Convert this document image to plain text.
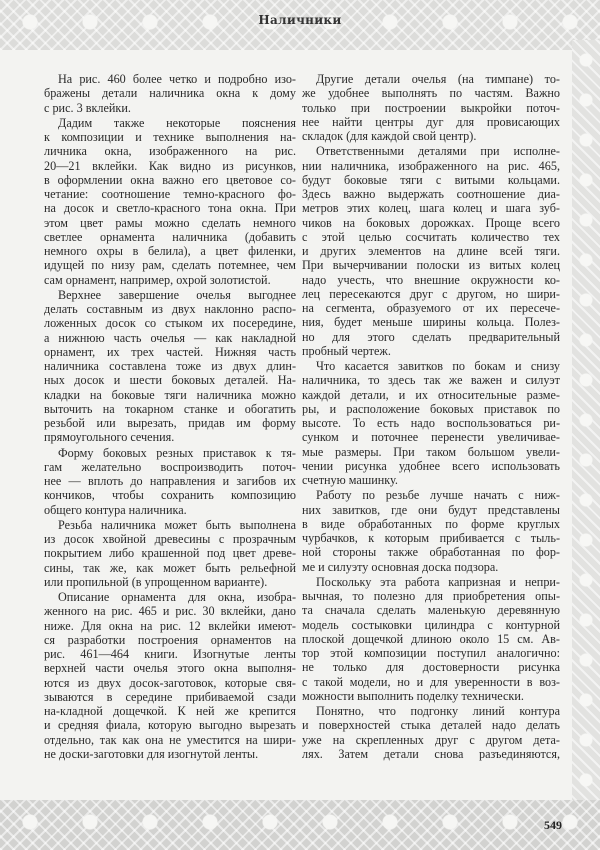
Наличники
На рис. 460 более четко и подробно изо-
бражены детали наличника окна к дому
с рис. 3 вклейки.
Дадим также некоторые пояснения
к композиции и технике выполнения на-
личника окна, изображенного на рис.
20—21 вклейки. Как видно из рисунков,
в оформлении окна важно его цветовое со-
четание: соотношение темно-красного фо-
на досок и светло-красного тона окна. При
этом цвет рамы можно сделать немного
светлее орнамента наличника (добавить
немного охры в белила), а цвет филенки,
идущей по низу рам, сделать потемнее, чем
сам орнамент, например, охрой золотистой.
Верхнее завершение очелья выгоднее
делать составным из двух наклонно распо-
ложенных досок со стыком их посередине,
а нижнюю часть очелья — как накладной
орнамент, их трех частей. Нижняя часть
наличника составлена тоже из двух длин-
ных досок и шести боковых деталей. На-
кладки на боковые тяги наличника можно
выточить на токарном станке и обогатить
резьбой или вырезать, придав им форму
прямоугольного сечения.
Форму боковых резных приставок к тя-
гам желательно воспроизводить поточ-
нее — вплоть до направления и загибов их
кончиков, чтобы сохранить композицию
общего контура наличника.
Резьба наличника может быть выполнена
из досок хвойной древесины с прозрачным
покрытием либо крашенной под цвет древе-
сины, так же, как может быть рельефной
или пропильной (в упрощенном варианте).
Описание орнамента для окна, изобра-
женного на рис. 465 и рис. 30 вклейки, дано
ниже. Для окна на рис. 12 вклейки имеют-
ся разработки построения орнаментов на
рис. 461—464 книги. Изогнутые ленты
верхней части очелья этого окна выполня-
ются из двух досок-заготовок, которые свя-
зываются в середине прибиваемой сзади
на-кладной дощечкой. К ней же крепится
и средняя фиала, которую выгодно вырезать
отдельно, так как она не уместится на шири-
не доски-заготовки для изогнутой ленты.
Другие детали очелья (на тимпане) то-
же удобнее выполнять по частям. Важно
только при построении выкройки поточ-
нее найти центры дуг для провисающих
складок (для каждой свой центр).
Ответственными деталями при исполне-
нии наличника, изображенного на рис. 465,
будут боковые тяги с витыми кольцами.
Здесь важно выдержать соотношение диа-
метров этих колец, шага колец и шага зуб-
чиков на боковых дорожках. Проще всего
с этой целью сосчитать количество тех
и других элементов на длине всей тяги.
При вычерчивании полоски из витых колец
надо учесть, что внешние окружности ко-
лец пересекаются друг с другом, но шири-
на сегмента, образуемого от их пересече-
ния, будет меньше ширины кольца. Полез-
но для этого сделать предварительный
пробный чертеж.
Что касается завитков по бокам и снизу
наличника, то здесь так же важен и силуэт
каждой детали, и их относительные разме-
ры, и расположение боковых приставок по
высоте. То есть надо воспользоваться ри-
сунком и поточнее перенести увеличивае-
мые размеры. При таком большом увели-
чении рисунка удобнее всего использовать
счетную машинку.
Работу по резьбе лучше начать с ниж-
них завитков, где они будут представлены
в виде обработанных по форме круглых
чурбачков, к которым прибивается с тыль-
ной стороны также обработанная по фор-
ме и силуэту основная доска подзора.
Поскольку эта работа капризная и непри-
вычная, то полезно для приобретения опы-
та сначала сделать маленькую деревянную
модель состыковки цилиндра с контурной
плоской дощечкой длиною около 15 см. Ав-
тор этой композиции поступил аналогично:
не только для достоверности рисунка
с такой модели, но и для уверенности в воз-
можности выполнить поделку технически.
Понятно, что подгонку линий контура
и поверхностей стыка деталей надо делать
уже на скрепленных друг с другом дета-
лях. Затем детали снова разъединяются,
549
